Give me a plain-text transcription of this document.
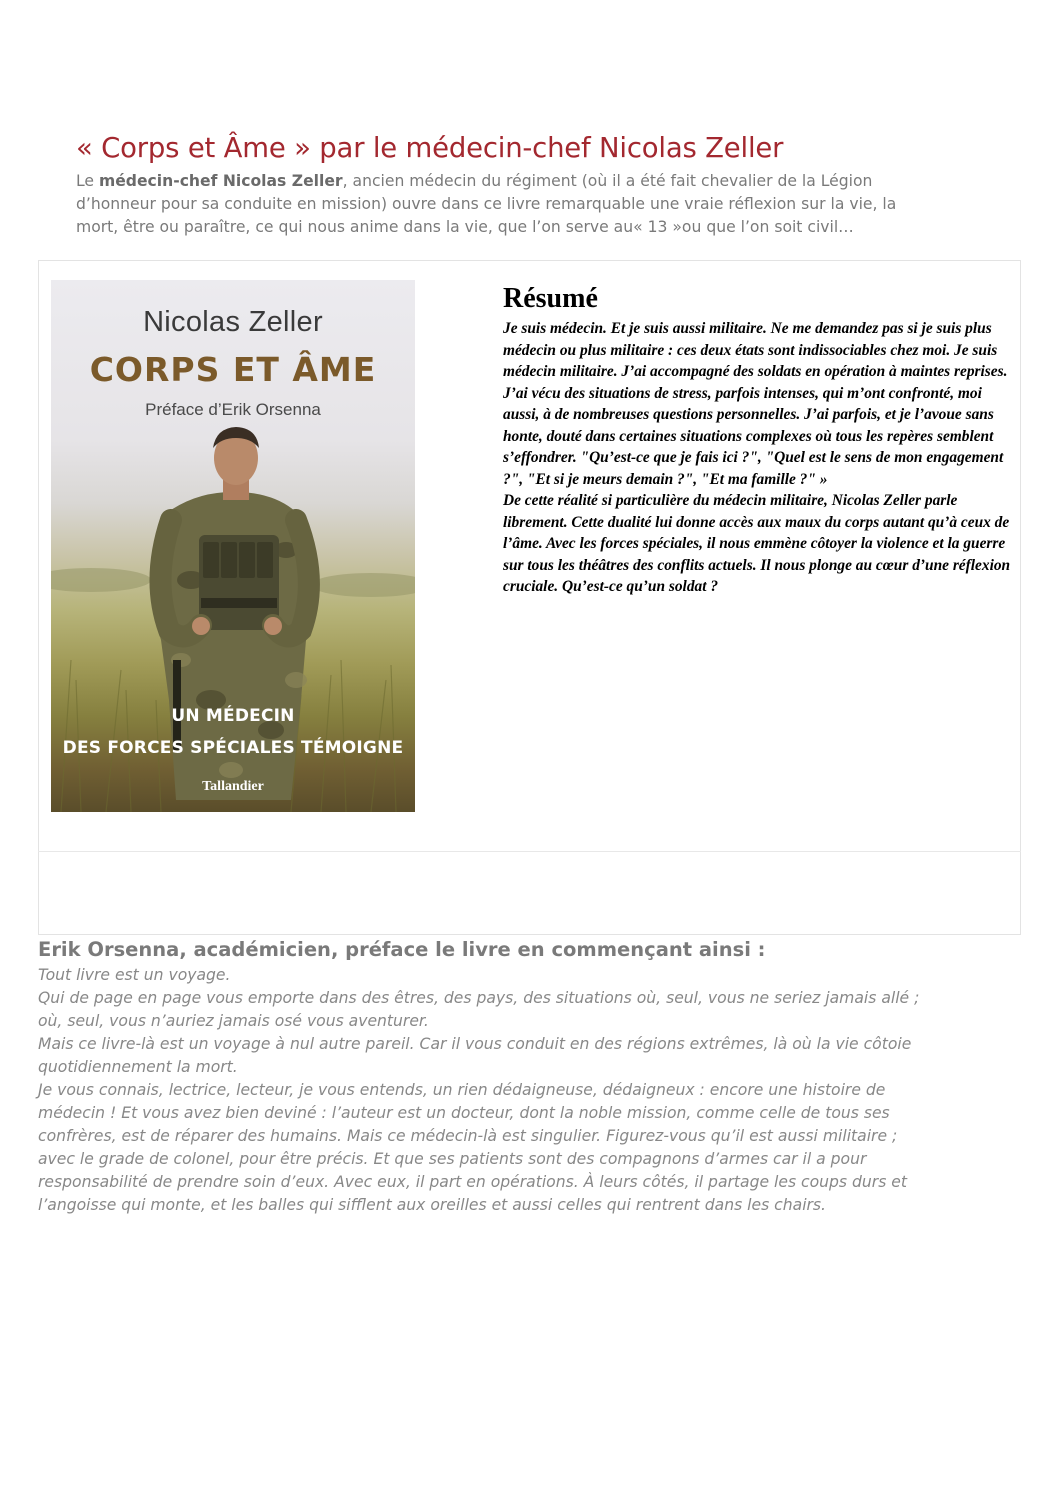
« Corps et Âme » par le médecin-chef Nicolas Zeller
Le médecin-chef Nicolas Zeller, ancien médecin du régiment (où il a été fait chevalier de la Légion d’honneur pour sa conduite en mission) ouvre dans ce livre remarquable une vraie réflexion sur la vie, la mort, être ou paraître, ce qui nous anime dans la vie, que l’on serve au« 13 »ou que l’on soit civil…
Nicolas Zeller
CORPS ET ÂME
Préface d’Erik Orsenna
UN MÉDECIN
DES FORCES SPÉCIALES TÉMOIGNE
Tallandier
Résumé

Je suis médecin. Et je suis aussi militaire. Ne me demandez pas si je suis plus médecin ou plus militaire : ces deux états sont indissociables chez moi. Je suis médecin militaire. J’ai accompagné des soldats en opération à maintes reprises. J’ai vécu des situations de stress, parfois intenses, qui m’ont confronté, moi aussi, à de nombreuses questions personnelles. J’ai parfois, et je l’avoue sans honte, douté dans certaines situations complexes où tous les repères semblent s’effondrer. "Qu’est-ce que je fais ici ?", "Quel est le sens de mon engagement ?", "Et si je meurs demain ?", "Et ma famille ?" »

De cette réalité si particulière du médecin militaire, Nicolas Zeller parle librement. Cette dualité lui donne accès aux maux du corps autant qu’à ceux de l’âme. Avec les forces spéciales, il nous emmène côtoyer la violence et la guerre sur tous les théâtres des conflits actuels. Il nous plonge au cœur d’une réflexion cruciale. Qu’est-ce qu’un soldat ?

Erik Orsenna, académicien, préface le livre en commençant ainsi :

Tout livre est un voyage.

Qui de page en page vous emporte dans des êtres, des pays, des situations où, seul, vous ne seriez jamais allé ; où, seul, vous n’auriez jamais osé vous aventurer.

Mais ce livre-là est un voyage à nul autre pareil. Car il vous conduit en des régions extrêmes, là où la vie côtoie quotidiennement la mort.

Je vous connais, lectrice, lecteur, je vous entends, un rien dédaigneuse, dédaigneux : encore une histoire de médecin ! Et vous avez bien deviné : l’auteur est un docteur, dont la noble mission, comme celle de tous ses confrères, est de réparer des humains. Mais ce médecin-là est singulier. Figurez-vous qu’il est aussi militaire ; avec le grade de colonel, pour être précis. Et que ses patients sont des compagnons d’armes car il a pour responsabilité de prendre soin d’eux. Avec eux, il part en opérations. À leurs côtés, il partage les coups durs et l’angoisse qui monte, et les balles qui sifflent aux oreilles et aussi celles qui rentrent dans les chairs.
